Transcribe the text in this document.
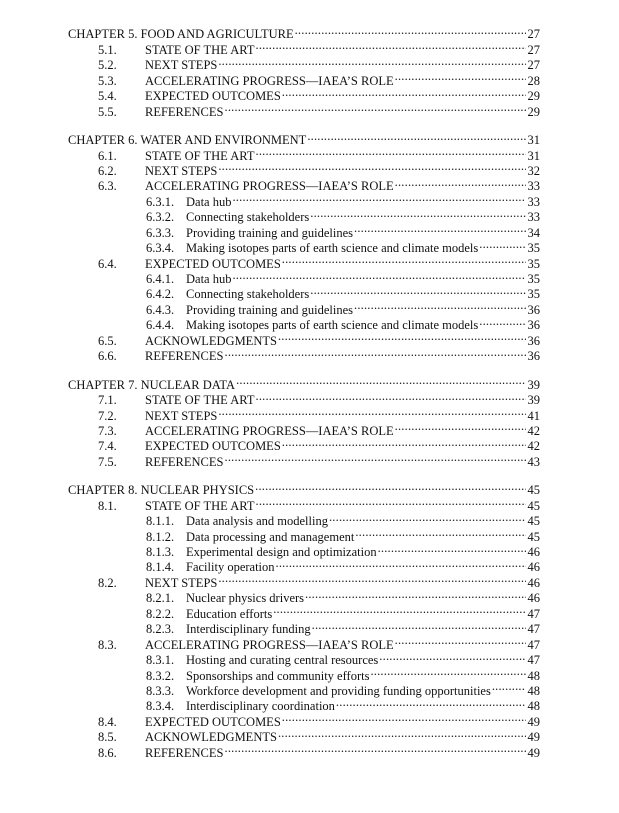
CHAPTER 5. FOOD AND AGRICULTURE .....	27
5.1.	STATE OF THE ART .....	27
5.2.	NEXT STEPS .....	27
5.3.	ACCELERATING PROGRESS—IAEA’S ROLE .....	28
5.4.	EXPECTED OUTCOMES .....	29
5.5.	REFERENCES .....	29
CHAPTER 6. WATER AND ENVIRONMENT .....	31
6.1.	STATE OF THE ART .....	31
6.2.	NEXT STEPS .....	32
6.3.	ACCELERATING PROGRESS—IAEA’S ROLE .....	33
6.3.1. Data hub .....	33
6.3.2. Connecting stakeholders .....	33
6.3.3. Providing training and guidelines .....	34
6.3.4. Making isotopes parts of earth science and climate models .....	35
6.4.	EXPECTED OUTCOMES .....	35
6.4.1. Data hub .....	35
6.4.2. Connecting stakeholders .....	35
6.4.3. Providing training and guidelines .....	36
6.4.4. Making isotopes parts of earth science and climate models .....	36
6.5.	ACKNOWLEDGMENTS .....	36
6.6.	REFERENCES .....	36
CHAPTER 7. NUCLEAR DATA .....	39
7.1.	STATE OF THE ART .....	39
7.2.	NEXT STEPS .....	41
7.3.	ACCELERATING PROGRESS—IAEA’S ROLE .....	42
7.4.	EXPECTED OUTCOMES .....	42
7.5.	REFERENCES .....	43
CHAPTER 8. NUCLEAR PHYSICS .....	45
8.1.	STATE OF THE ART .....	45
8.1.1. Data analysis and modelling .....	45
8.1.2. Data processing and management .....	45
8.1.3. Experimental design and optimization .....	46
8.1.4. Facility operation .....	46
8.2.	NEXT STEPS .....	46
8.2.1. Nuclear physics drivers .....	46
8.2.2. Education efforts .....	47
8.2.3. Interdisciplinary funding .....	47
8.3.	ACCELERATING PROGRESS—IAEA’S ROLE .....	47
8.3.1. Hosting and curating central resources .....	47
8.3.2. Sponsorships and community efforts .....	48
8.3.3. Workforce development and providing funding opportunities .....	48
8.3.4. Interdisciplinary coordination .....	48
8.4.	EXPECTED OUTCOMES .....	49
8.5.	ACKNOWLEDGMENTS .....	49
8.6.	REFERENCES .....	49
